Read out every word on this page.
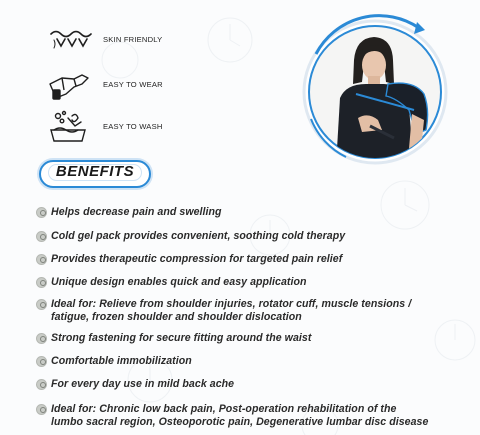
SKIN FRIENDLY
EASY TO WEAR
EASY TO WASH
BENEFITS
Helps decrease pain and swelling
Cold gel pack provides convenient, soothing cold therapy
Provides therapeutic compression for targeted pain relief
Unique design enables quick and easy application
Ideal for: Relieve from shoulder injuries, rotator cuff, muscle tensions / fatigue, frozen shoulder and shoulder dislocation
Strong fastening for secure fitting around the waist
Comfortable immobilization
For every day use in mild back ache
Ideal for: Chronic low back pain, Post-operation rehabilitation of the lumbo sacral region, Osteoporotic pain, Degenerative lumbar disc disease
